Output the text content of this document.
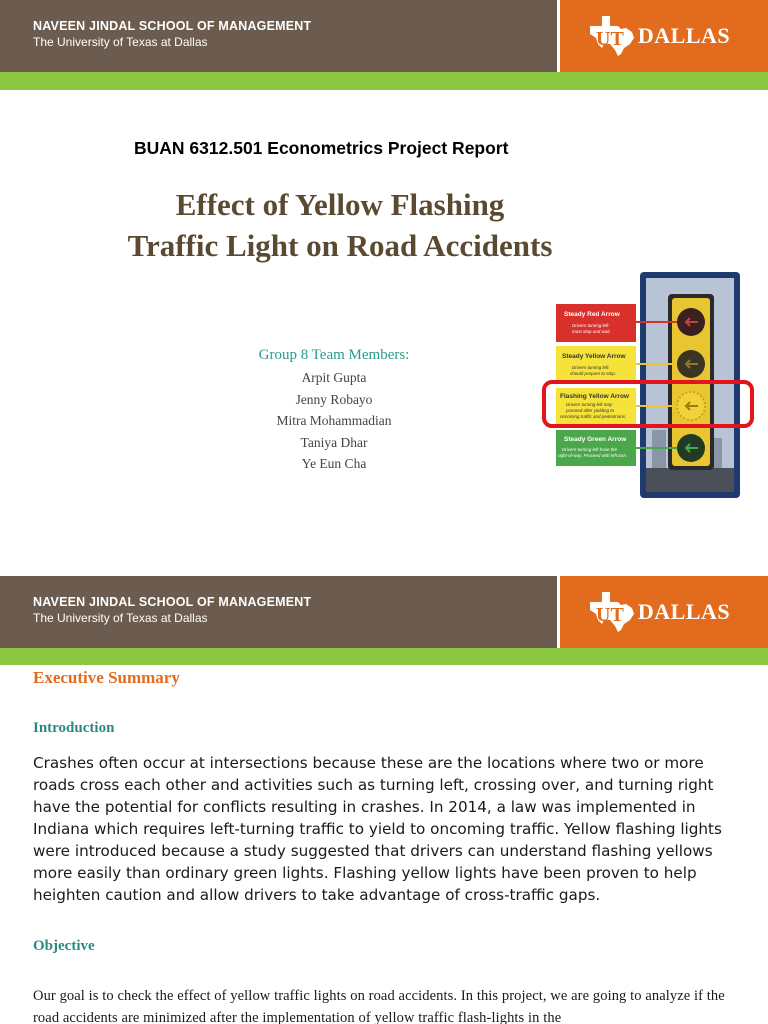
NAVEEN JINDAL SCHOOL OF MANAGEMENT
The University of Texas at Dallas	UT DALLAS
BUAN 6312.501 Econometrics Project Report
Effect of Yellow Flashing
Traffic Light on Road Accidents
Group 8 Team Members:
Arpit Gupta
Jenny Robayo
Mitra Mohammadian
Taniya Dhar
Ye Eun Cha
Steady Red Arrow
Drivers turning left
must stop and wait.
Steady Yellow Arrow
Drivers turning left
should prepare to stop.
Flashing Yellow Arrow
Drivers turning left may
proceed after yielding to
oncoming traffic and pedestrians.
Steady Green Arrow
Drivers turning left have the
right-of-way. Proceed with left turn.
NAVEEN JINDAL SCHOOL OF MANAGEMENT
The University of Texas at Dallas	UT DALLAS
Executive Summary
Introduction
Crashes often occur at intersections because these are the locations where two or more roads cross each other and activities such as turning left, crossing over, and turning right have the potential for conflicts resulting in crashes. In 2014, a law was implemented in Indiana which requires left-turning traffic to yield to oncoming traffic. Yellow flashing lights were introduced because a study suggested that drivers can understand flashing yellows more easily than ordinary green lights. Flashing yellow lights have been proven to help heighten caution and allow drivers to take advantage of cross-traffic gaps.
Objective
Our goal is to check the effect of yellow traffic lights on road accidents. In this project, we are going to analyze if the road accidents are minimized after the implementation of yellow traffic flash-lights in the
